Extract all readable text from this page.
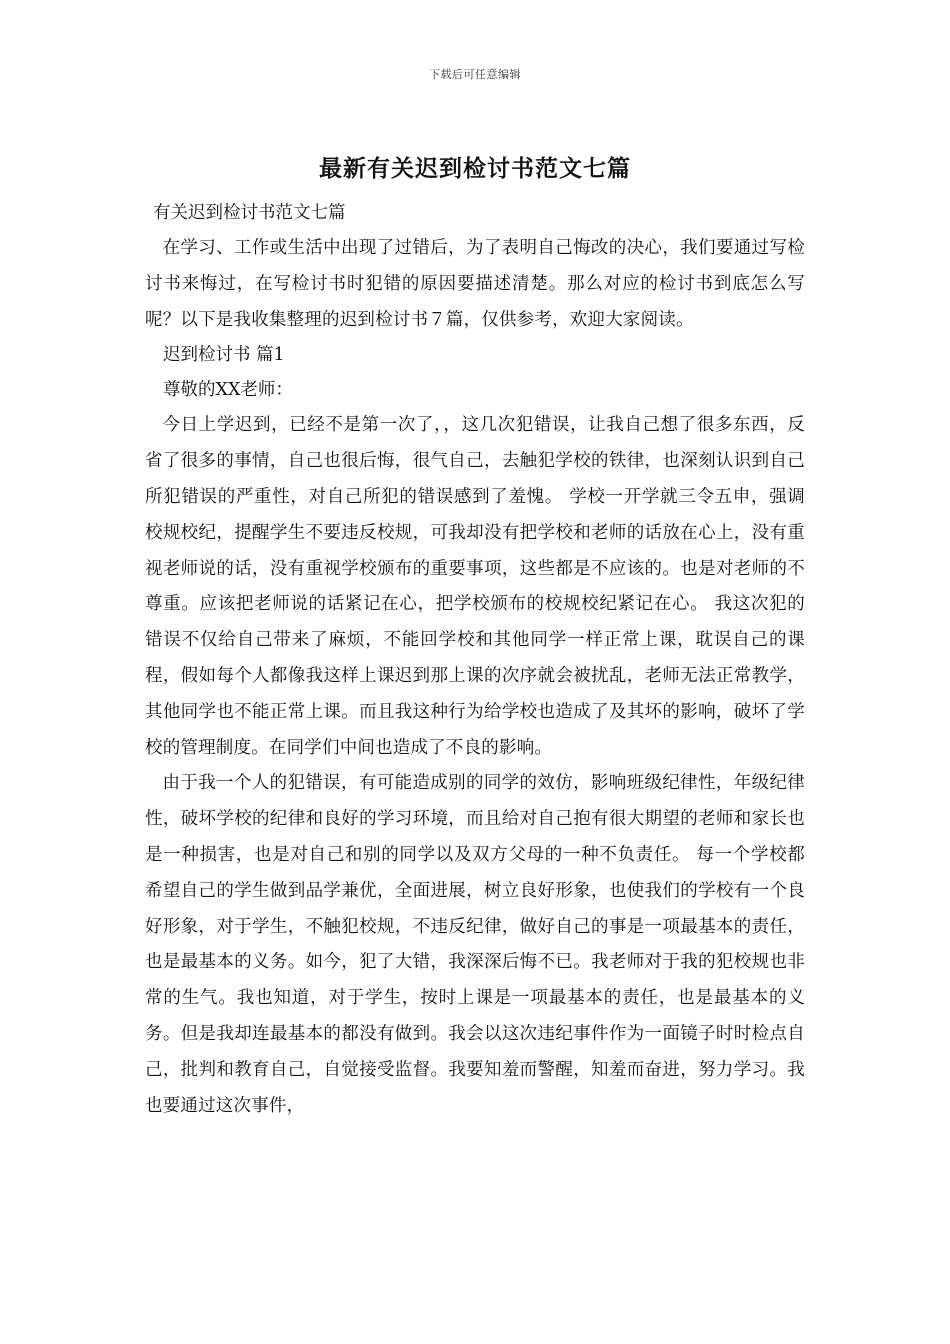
下载后可任意编辑
最新有关迟到检讨书范文七篇

有关迟到检讨书范文七篇

在学习、工作或生活中出现了过错后，为了表明自己悔改的决心，我们要通过写检讨书来悔过，在写检讨书时犯错的原因要描述清楚。那么对应的检讨书到底怎么写呢？以下是我收集整理的迟到检讨书７篇，仅供参考，欢迎大家阅读。

迟到检讨书 篇1

尊敬的XX老师：

今日上学迟到，已经不是第一次了，，这几次犯错误，让我自己想了很多东西，反省了很多的事情，自己也很后悔，很气自己，去触犯学校的铁律，也深刻认识到自己所犯错误的严重性，对自己所犯的错误感到了羞愧。 学校一开学就三令五申，强调校规校纪，提醒学生不要违反校规，可我却没有把学校和老师的话放在心上，没有重视老师说的话，没有重视学校颁布的重要事项，这些都是不应该的。也是对老师的不尊重。应该把老师说的话紧记在心，把学校颁布的校规校纪紧记在心。 我这次犯的错误不仅给自己带来了麻烦，不能回学校和其他同学一样正常上课，耽误自己的课程，假如每个人都像我这样上课迟到那上课的次序就会被扰乱，老师无法正常教学，其他同学也不能正常上课。而且我这种行为给学校也造成了及其坏的影响，破坏了学校的管理制度。在同学们中间也造成了不良的影响。

由于我一个人的犯错误，有可能造成别的同学的效仿，影响班级纪律性，年级纪律性，破坏学校的纪律和良好的学习环境，而且给对自己抱有很大期望的老师和家长也是一种损害，也是对自己和别的同学以及双方父母的一种不负责任。 每一个学校都希望自己的学生做到品学兼优，全面进展，树立良好形象，也使我们的学校有一个良好形象，对于学生，不触犯校规，不违反纪律，做好自己的事是一项最基本的责任，也是最基本的义务。如今，犯了大错，我深深后悔不已。我老师对于我的犯校规也非常的生气。我也知道，对于学生，按时上课是一项最基本的责任，也是最基本的义务。但是我却连最基本的都没有做到。我会以这次违纪事件作为一面镜子时时检点自己，批判和教育自己，自觉接受监督。我要知羞而警醒，知羞而奋进，努力学习。我也要通过这次事件，
